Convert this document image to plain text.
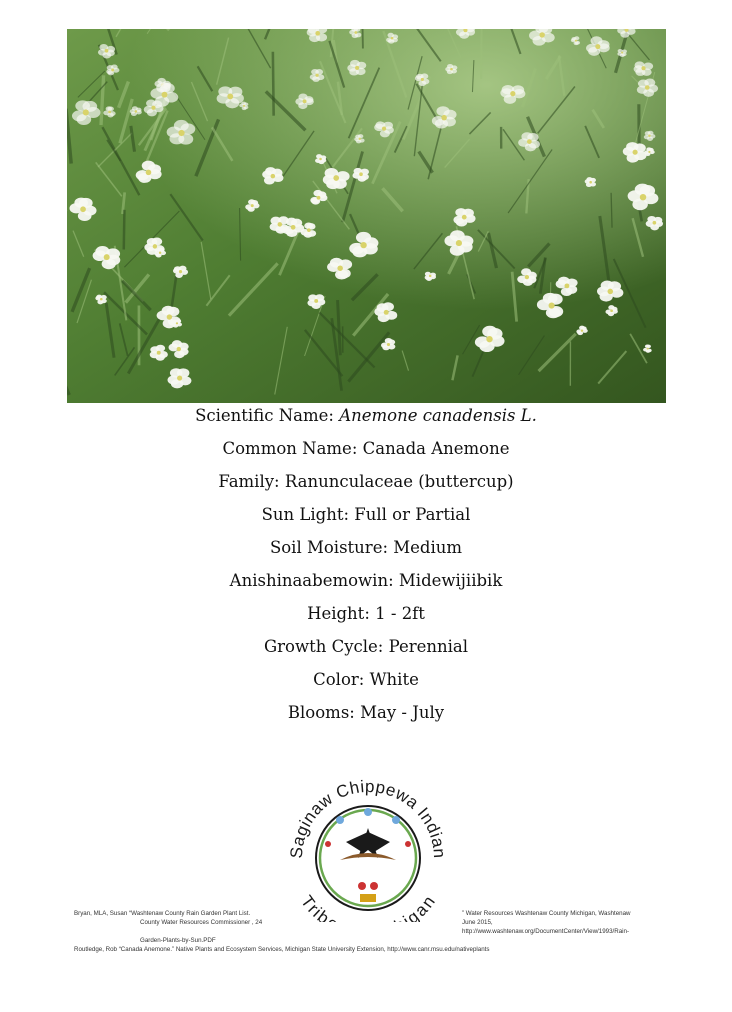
Scientific Name: Anemone canadensis L.
Common Name: Canada Anemone
Family: Ranunculaceae (buttercup)
Sun Light: Full or Partial
Soil Moisture: Medium
Anishinaabemowin: Midewijiibik
Height: 1 - 2ft
Growth Cycle: Perennial
Color: White
Blooms: May - July
Saginaw Chippewa Indian
Trib igan
Bryan, MLA, Susan “Washtenaw County Rain Garden Plant List.
County Water Resources Commissioner , 24
Garden-Plants-by-Sun.PDF
” Water Resources Washtenaw County Michigan, Washtenaw
June 2015,
http://www.washtenaw.org/DocumentCenter/View/1993/Rain-
Routledge, Rob “Canada Anemone.” Native Plants and Ecosystem Services, Michigan State University Extension, http://www.canr.msu.edu/nativeplants
